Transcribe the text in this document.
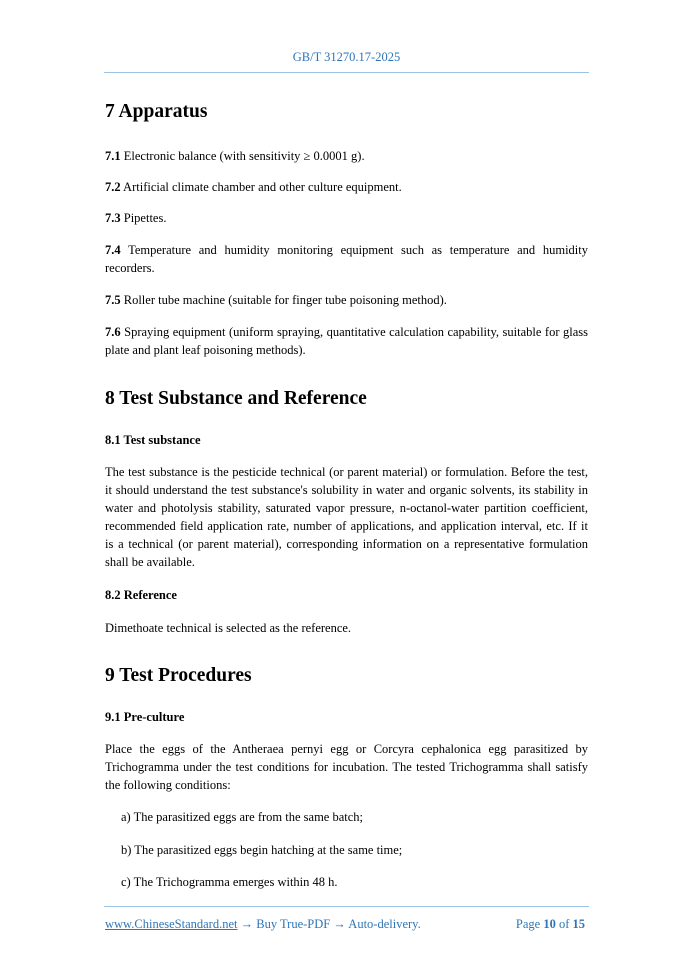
GB/T 31270.17-2025
7 Apparatus
7.1 Electronic balance (with sensitivity ≥ 0.0001 g).
7.2 Artificial climate chamber and other culture equipment.
7.3 Pipettes.
7.4 Temperature and humidity monitoring equipment such as temperature and humidity
recorders.
7.5 Roller tube machine (suitable for finger tube poisoning method).
7.6 Spraying equipment (uniform spraying, quantitative calculation capability, suitable for glass
plate and plant leaf poisoning methods).
8 Test Substance and Reference
8.1 Test substance
The test substance is the pesticide technical (or parent material) or formulation. Before the test,
it should understand the test substance's solubility in water and organic solvents, its stability in
water and photolysis stability, saturated vapor pressure, n-octanol-water partition coefficient,
recommended field application rate, number of applications, and application interval, etc. If it
is a technical (or parent material), corresponding information on a representative formulation
shall be available.
8.2 Reference
Dimethoate technical is selected as the reference.
9 Test Procedures
9.1 Pre-culture
Place the eggs of the Antheraea pernyi egg or Corcyra cephalonica egg parasitized by
Trichogramma under the test conditions for incubation. The tested Trichogramma shall satisfy
the following conditions:
a) The parasitized eggs are from the same batch;
b) The parasitized eggs begin hatching at the same time;
c) The Trichogramma emerges within 48 h.
www.ChineseStandard.net → Buy True-PDF → Auto-delivery.	Page 10 of 15
